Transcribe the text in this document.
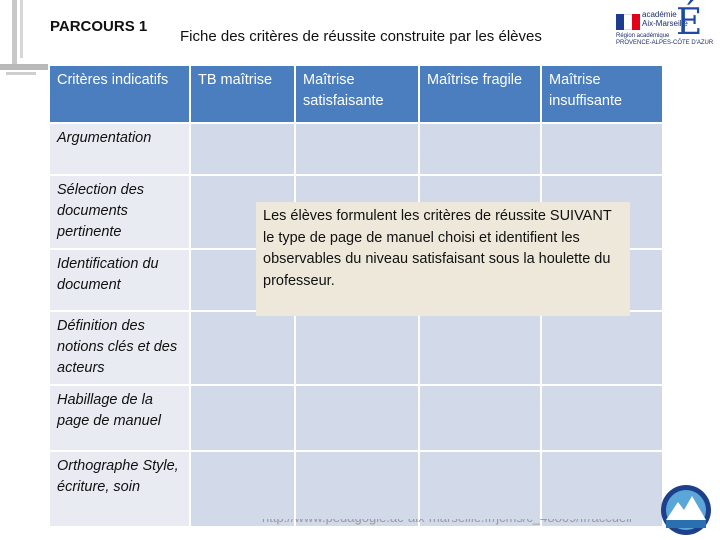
PARCOURS 1
Fiche des critères de réussite construite par les élèves
académie
Aix-Marseille
É
Région académique
PROVENCE-ALPES-CÔTE D'AZUR
Critères indicatifs	TB maîtrise	Maîtrise satisfaisante	Maîtrise fragile	Maîtrise insuffisante
Argumentation				
Sélection des documents pertinente				
Identification du document				
Définition des notions clés et des acteurs				
Habillage de la page de manuel				
Orthographe Style, écriture, soin				
Les élèves formulent les critères de réussite SUIVANT le type de page de manuel choisi et identifient les observables du niveau satisfaisant sous la houlette du professeur.
